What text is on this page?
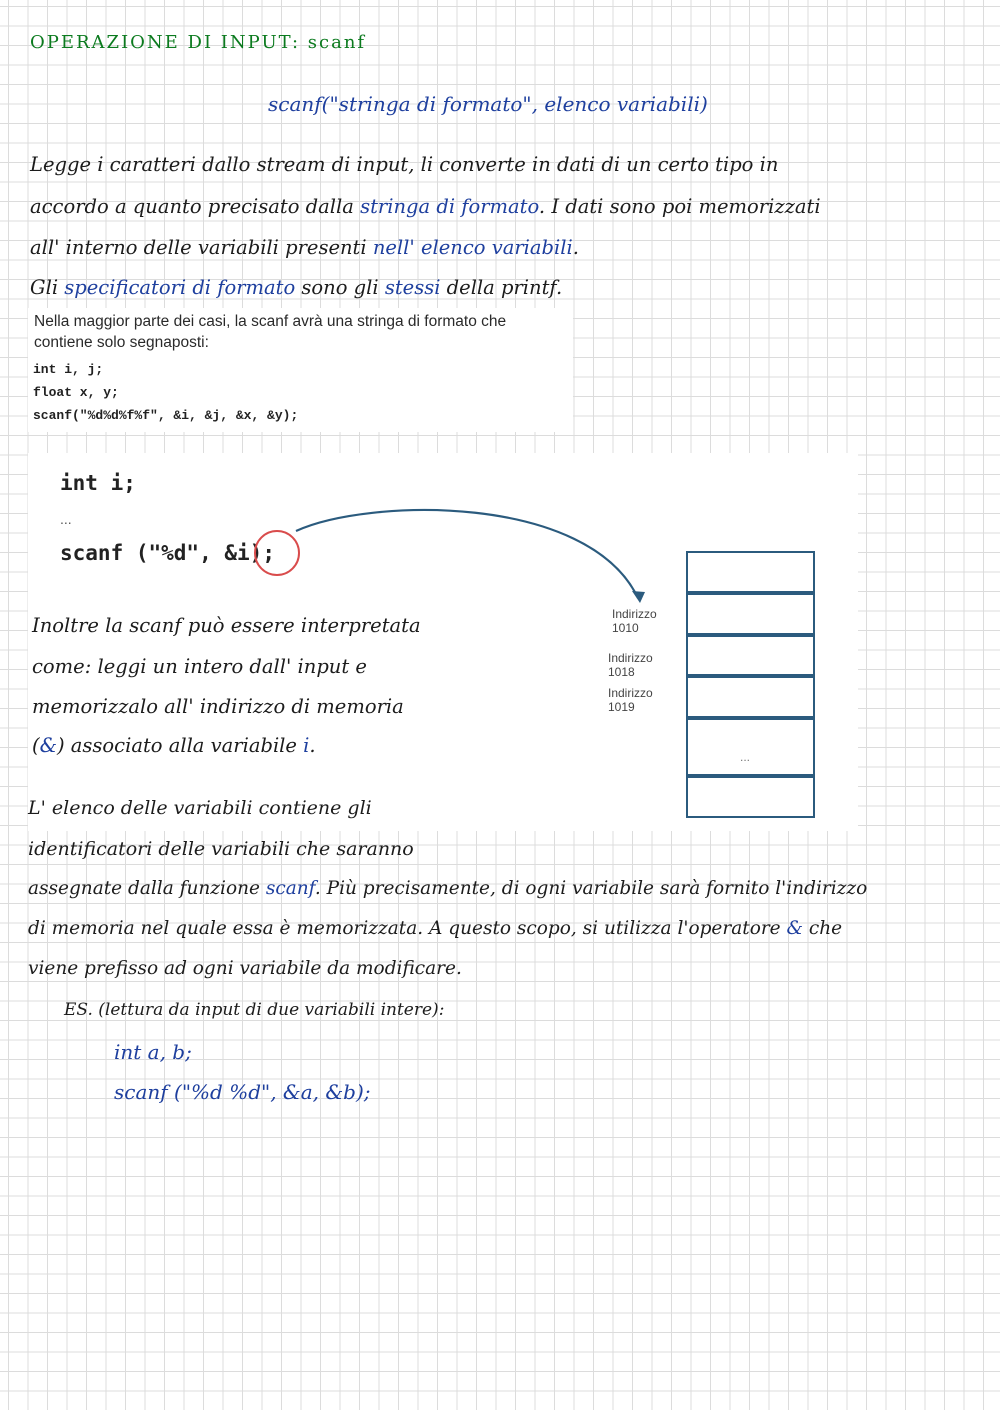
OPERAZIONE DI INPUT: scanf

scanf("stringa di formato", elenco variabili)

Legge i caratteri dallo stream di input, li converte in dati di un certo tipo in

accordo a quanto precisato dalla stringa di formato. I dati sono poi memorizzati

all' interno delle variabili presenti nell' elenco variabili.

Gli specificatori di formato sono gli stessi della printf.

Nella maggior parte dei casi, la scanf avrà una stringa di formato che
contiene solo segnaposti:
int i, j;
float x, y;
scanf("%d%d%f%f", &i, &j, &x, &y);
int i;
...
scanf ("%d", &i);
Indirizzo
1010
Indirizzo
1018
Indirizzo
1019
...

Inoltre la scanf può essere interpretata

come: leggi un intero dall' input e

memorizzalo all' indirizzo di memoria

(&) associato alla variabile i.

L' elenco delle variabili contiene gli

identificatori delle variabili che saranno

assegnate dalla funzione scanf. Più precisamente, di ogni variabile sarà fornito l'indirizzo

di memoria nel quale essa è memorizzata. A questo scopo, si utilizza l'operatore & che

viene prefisso ad ogni variabile da modificare.

ES. (lettura da input di due variabili intere):

int a, b;

scanf ("%d %d", &a, &b);
